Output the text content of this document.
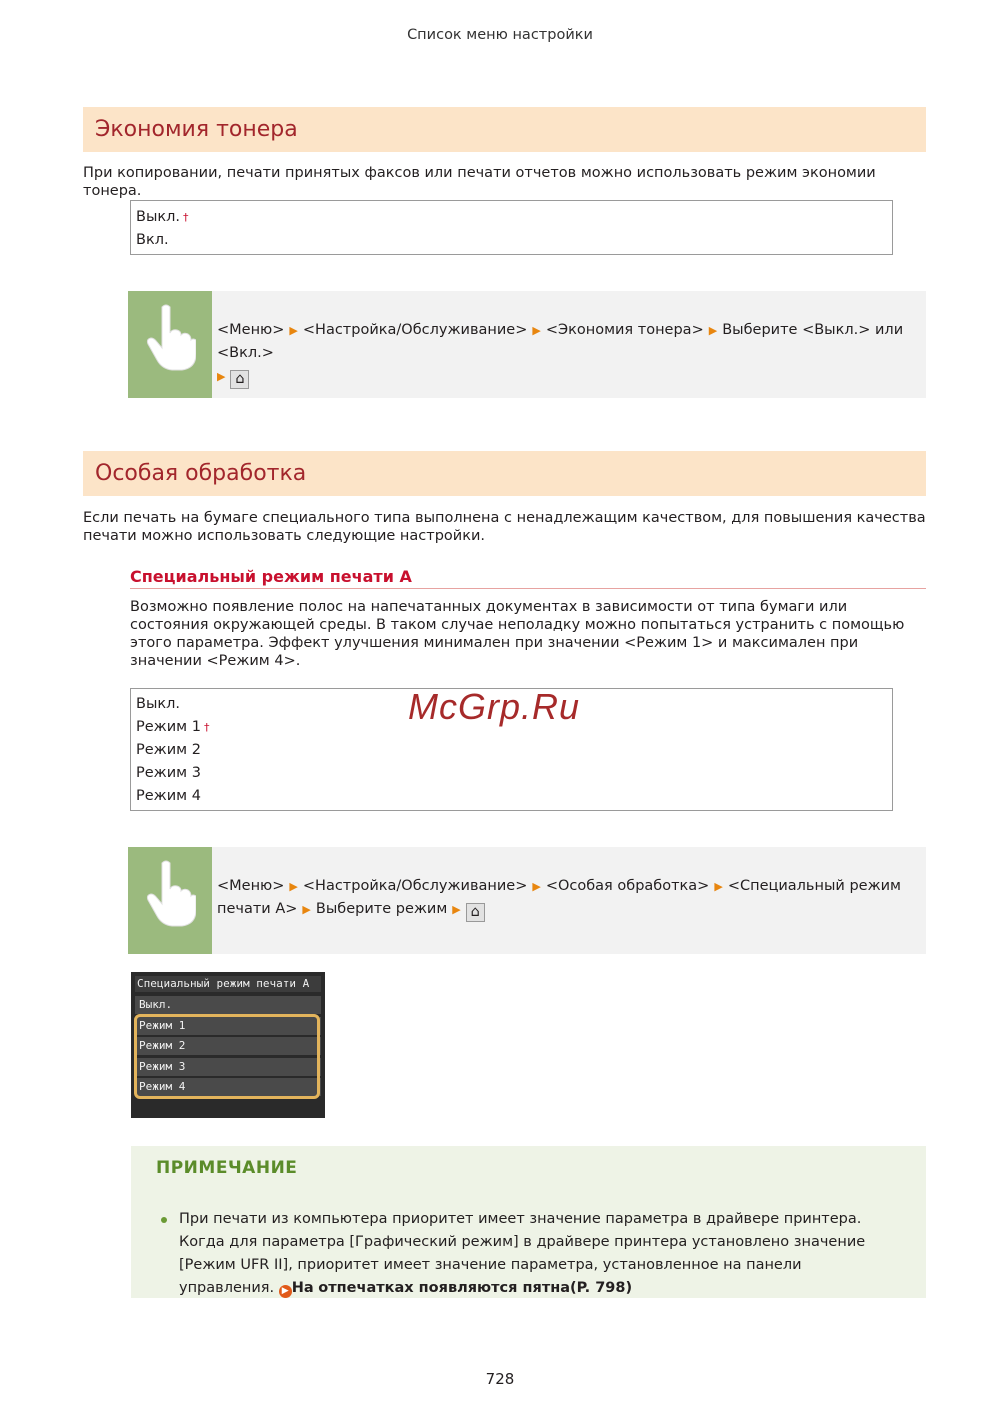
Список меню настройки
Экономия тонера
При копировании, печати принятых факсов или печати отчетов можно использовать режим экономии тонера.
Выкл. †
Вкл.
<Меню> ▶ <Настройка/Обслуживание> ▶ <Экономия тонера> ▶ Выберите <Выкл.> или <Вкл.>
▶ ⌂
Особая обработка
Если печать на бумаге специального типа выполнена с ненадлежащим качеством, для повышения качества печати можно использовать следующие настройки.
Специальный режим печати А
Возможно появление полос на напечатанных документах в зависимости от типа бумаги или состояния окружающей среды. В таком случае неполадку можно попытаться устранить с помощью этого параметра. Эффект улучшения минимален при значении <Режим 1> и максимален при значении <Режим 4>.
Выкл.
Режим 1 †
Режим 2
Режим 3
Режим 4
McGrp.Ru
<Меню> ▶ <Настройка/Обслуживание> ▶ <Особая обработка> ▶ <Специальный режим
печати А> ▶ Выберите режим ▶ ⌂
Специальный режим печати А
Выкл.
Режим 1
Режим 2
Режим 3
Режим 4
ПРИМЕЧАНИЕ
При печати из компьютера приоритет имеет значение параметра в драйвере принтера. Когда для параметра [Графический режим] в драйвере принтера установлено значение [Режим UFR II], приоритет имеет значение параметра, установленное на панели управления. ▶ На отпечатках появляются пятна(P. 798)
728
